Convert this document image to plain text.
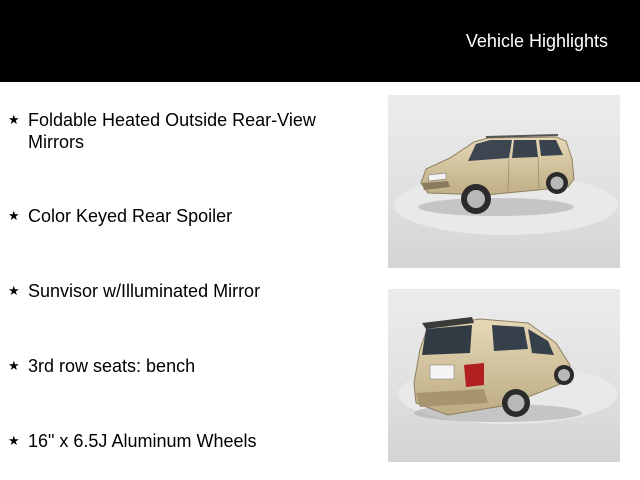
Vehicle Highlights
★ Foldable Heated Outside Rear-View Mirrors
★ Color Keyed Rear Spoiler
★ Sunvisor w/Illuminated Mirror
★ 3rd row seats: bench
★ 16" x 6.5J Aluminum Wheels
